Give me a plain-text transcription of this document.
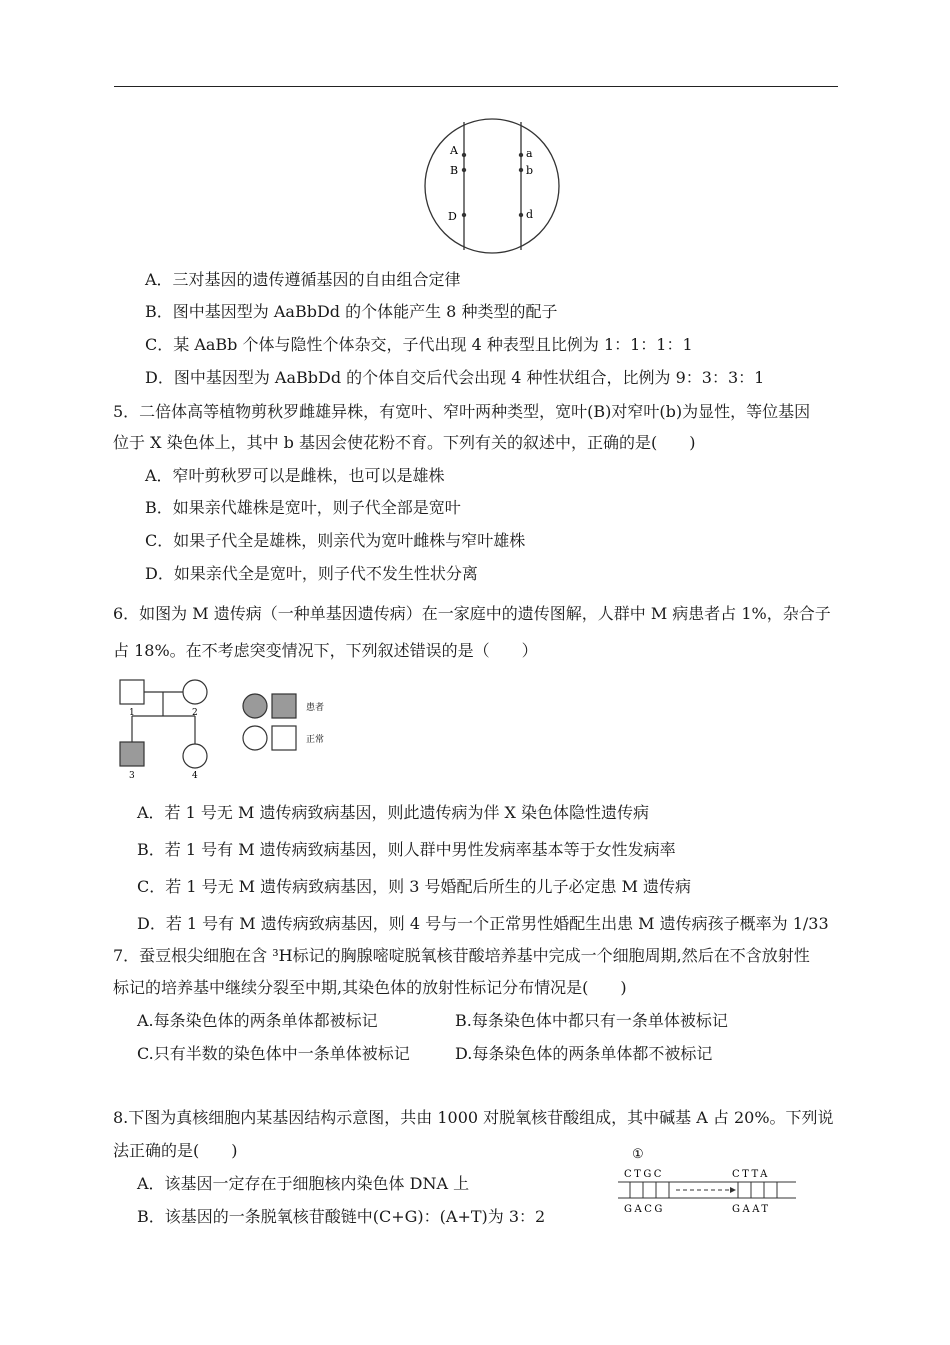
A
B
D
a
b
d
A．三对基因的遗传遵循基因的自由组合定律
B．图中基因型为 AaBbDd 的个体能产生 8 种类型的配子
C．某 AaBb 个体与隐性个体杂交，子代出现 4 种表型且比例为 1：1：1：1
D．图中基因型为 AaBbDd 的个体自交后代会出现 4 种性状组合，比例为 9：3：3：1
5．二倍体高等植物剪秋罗雌雄异株，有宽叶、窄叶两种类型，宽叶(B)对窄叶(b)为显性，等位基因
位于 X 染色体上，其中 b 基因会使花粉不育。下列有关的叙述中，正确的是(　　)
A．窄叶剪秋罗可以是雌株，也可以是雄株
B．如果亲代雄株是宽叶，则子代全部是宽叶
C．如果子代全是雄株，则亲代为宽叶雌株与窄叶雄株
D．如果亲代全是宽叶，则子代不发生性状分离
6．如图为 M 遗传病（一种单基因遗传病）在一家庭中的遗传图解，人群中 M 病患者占 1%，杂合子
占 18%。在不考虑突变情况下，下列叙述错误的是（　　）
1	2
3	4
患者
正常
A．若 1 号无 M 遗传病致病基因，则此遗传病为伴 X 染色体隐性遗传病
B．若 1 号有 M 遗传病致病基因，则人群中男性发病率基本等于女性发病率
C．若 1 号无 M 遗传病致病基因，则 3 号婚配后所生的儿子必定患 M 遗传病
D．若 1 号有 M 遗传病致病基因，则 4 号与一个正常男性婚配生出患 M 遗传病孩子概率为 1/33
7．蚕豆根尖细胞在含 ³H标记的胸腺嘧啶脱氧核苷酸培养基中完成一个细胞周期,然后在不含放射性
标记的培养基中继续分裂至中期,其染色体的放射性标记分布情况是(　　)
A.每条染色体的两条单体都被标记	B.每条染色体中都只有一条单体被标记
C.只有半数的染色体中一条单体被标记	D.每条染色体的两条单体都不被标记
8.下图为真核细胞内某基因结构示意图，共由 1000 对脱氧核苷酸组成，其中碱基 A 占 20%。下列说
法正确的是(　　)
A．该基因一定存在于细胞核内染色体 DNA 上
B．该基因的一条脱氧核苷酸链中(C+G)：(A+T)为 3：2
①
CTGC	CTTA
GACG	GAAT
